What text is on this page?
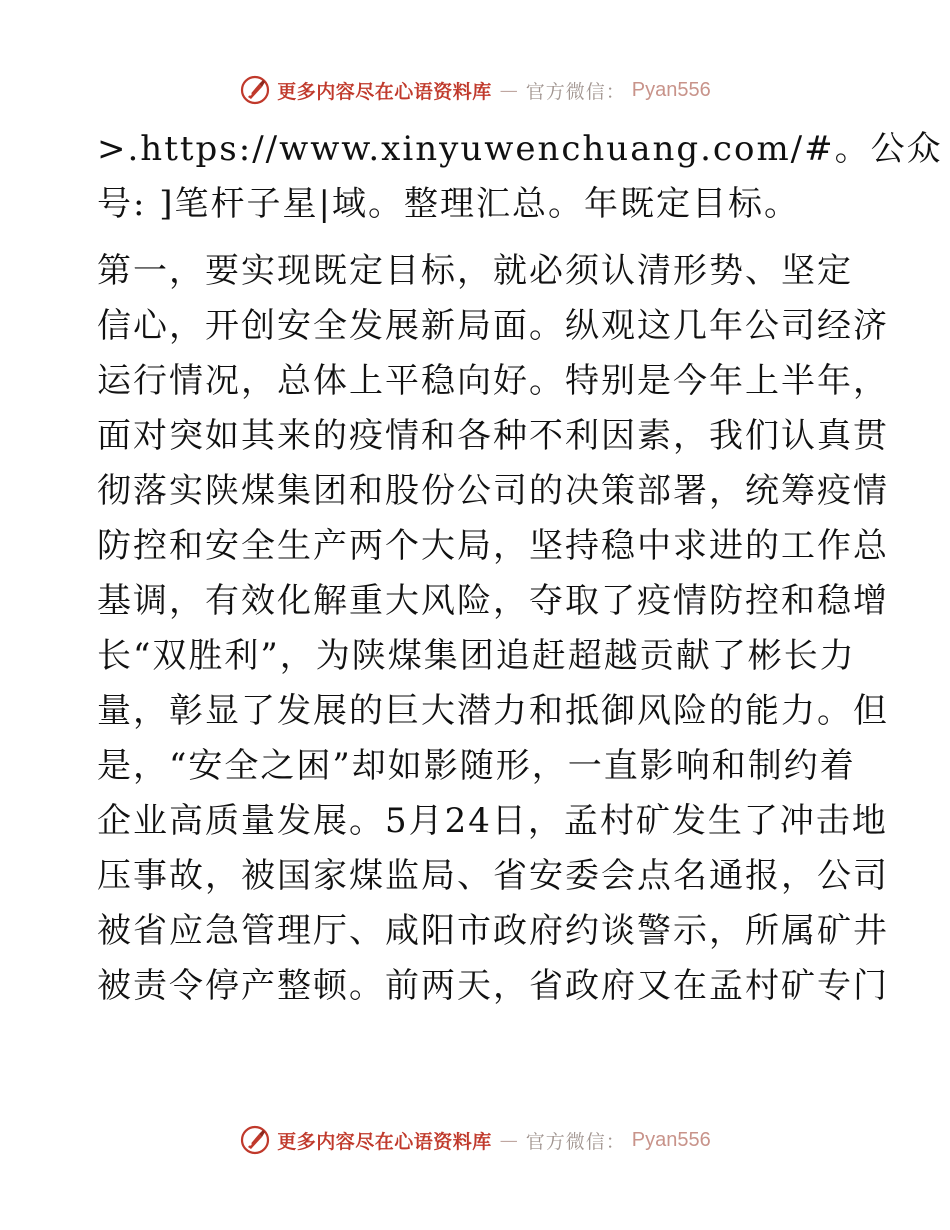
更多内容尽在心语资料库 — 官方微信： Pyan556
>.https://www.xinyuwenchuang.com/#。公众
号: ]笔杆子星|域。整理汇总。年既定目标。
第一，要实现既定目标，就必须认清形势、坚定
信心，开创安全发展新局面。纵观这几年公司经济
运行情况，总体上平稳向好。特别是今年上半年，
面对突如其来的疫情和各种不利因素，我们认真贯
彻落实陕煤集团和股份公司的决策部署，统筹疫情
防控和安全生产两个大局，坚持稳中求进的工作总
基调，有效化解重大风险，夺取了疫情防控和稳增
长“双胜利”，为陕煤集团追赶超越贡献了彬长力
量，彰显了发展的巨大潜力和抵御风险的能力。但
是，“安全之困”却如影随形，一直影响和制约着
企业高质量发展。5月24日，孟村矿发生了冲击地
压事故，被国家煤监局、省安委会点名通报，公司
被省应急管理厅、咸阳市政府约谈警示，所属矿井
被责令停产整顿。前两天，省政府又在孟村矿专门
更多内容尽在心语资料库 — 官方微信： Pyan556
